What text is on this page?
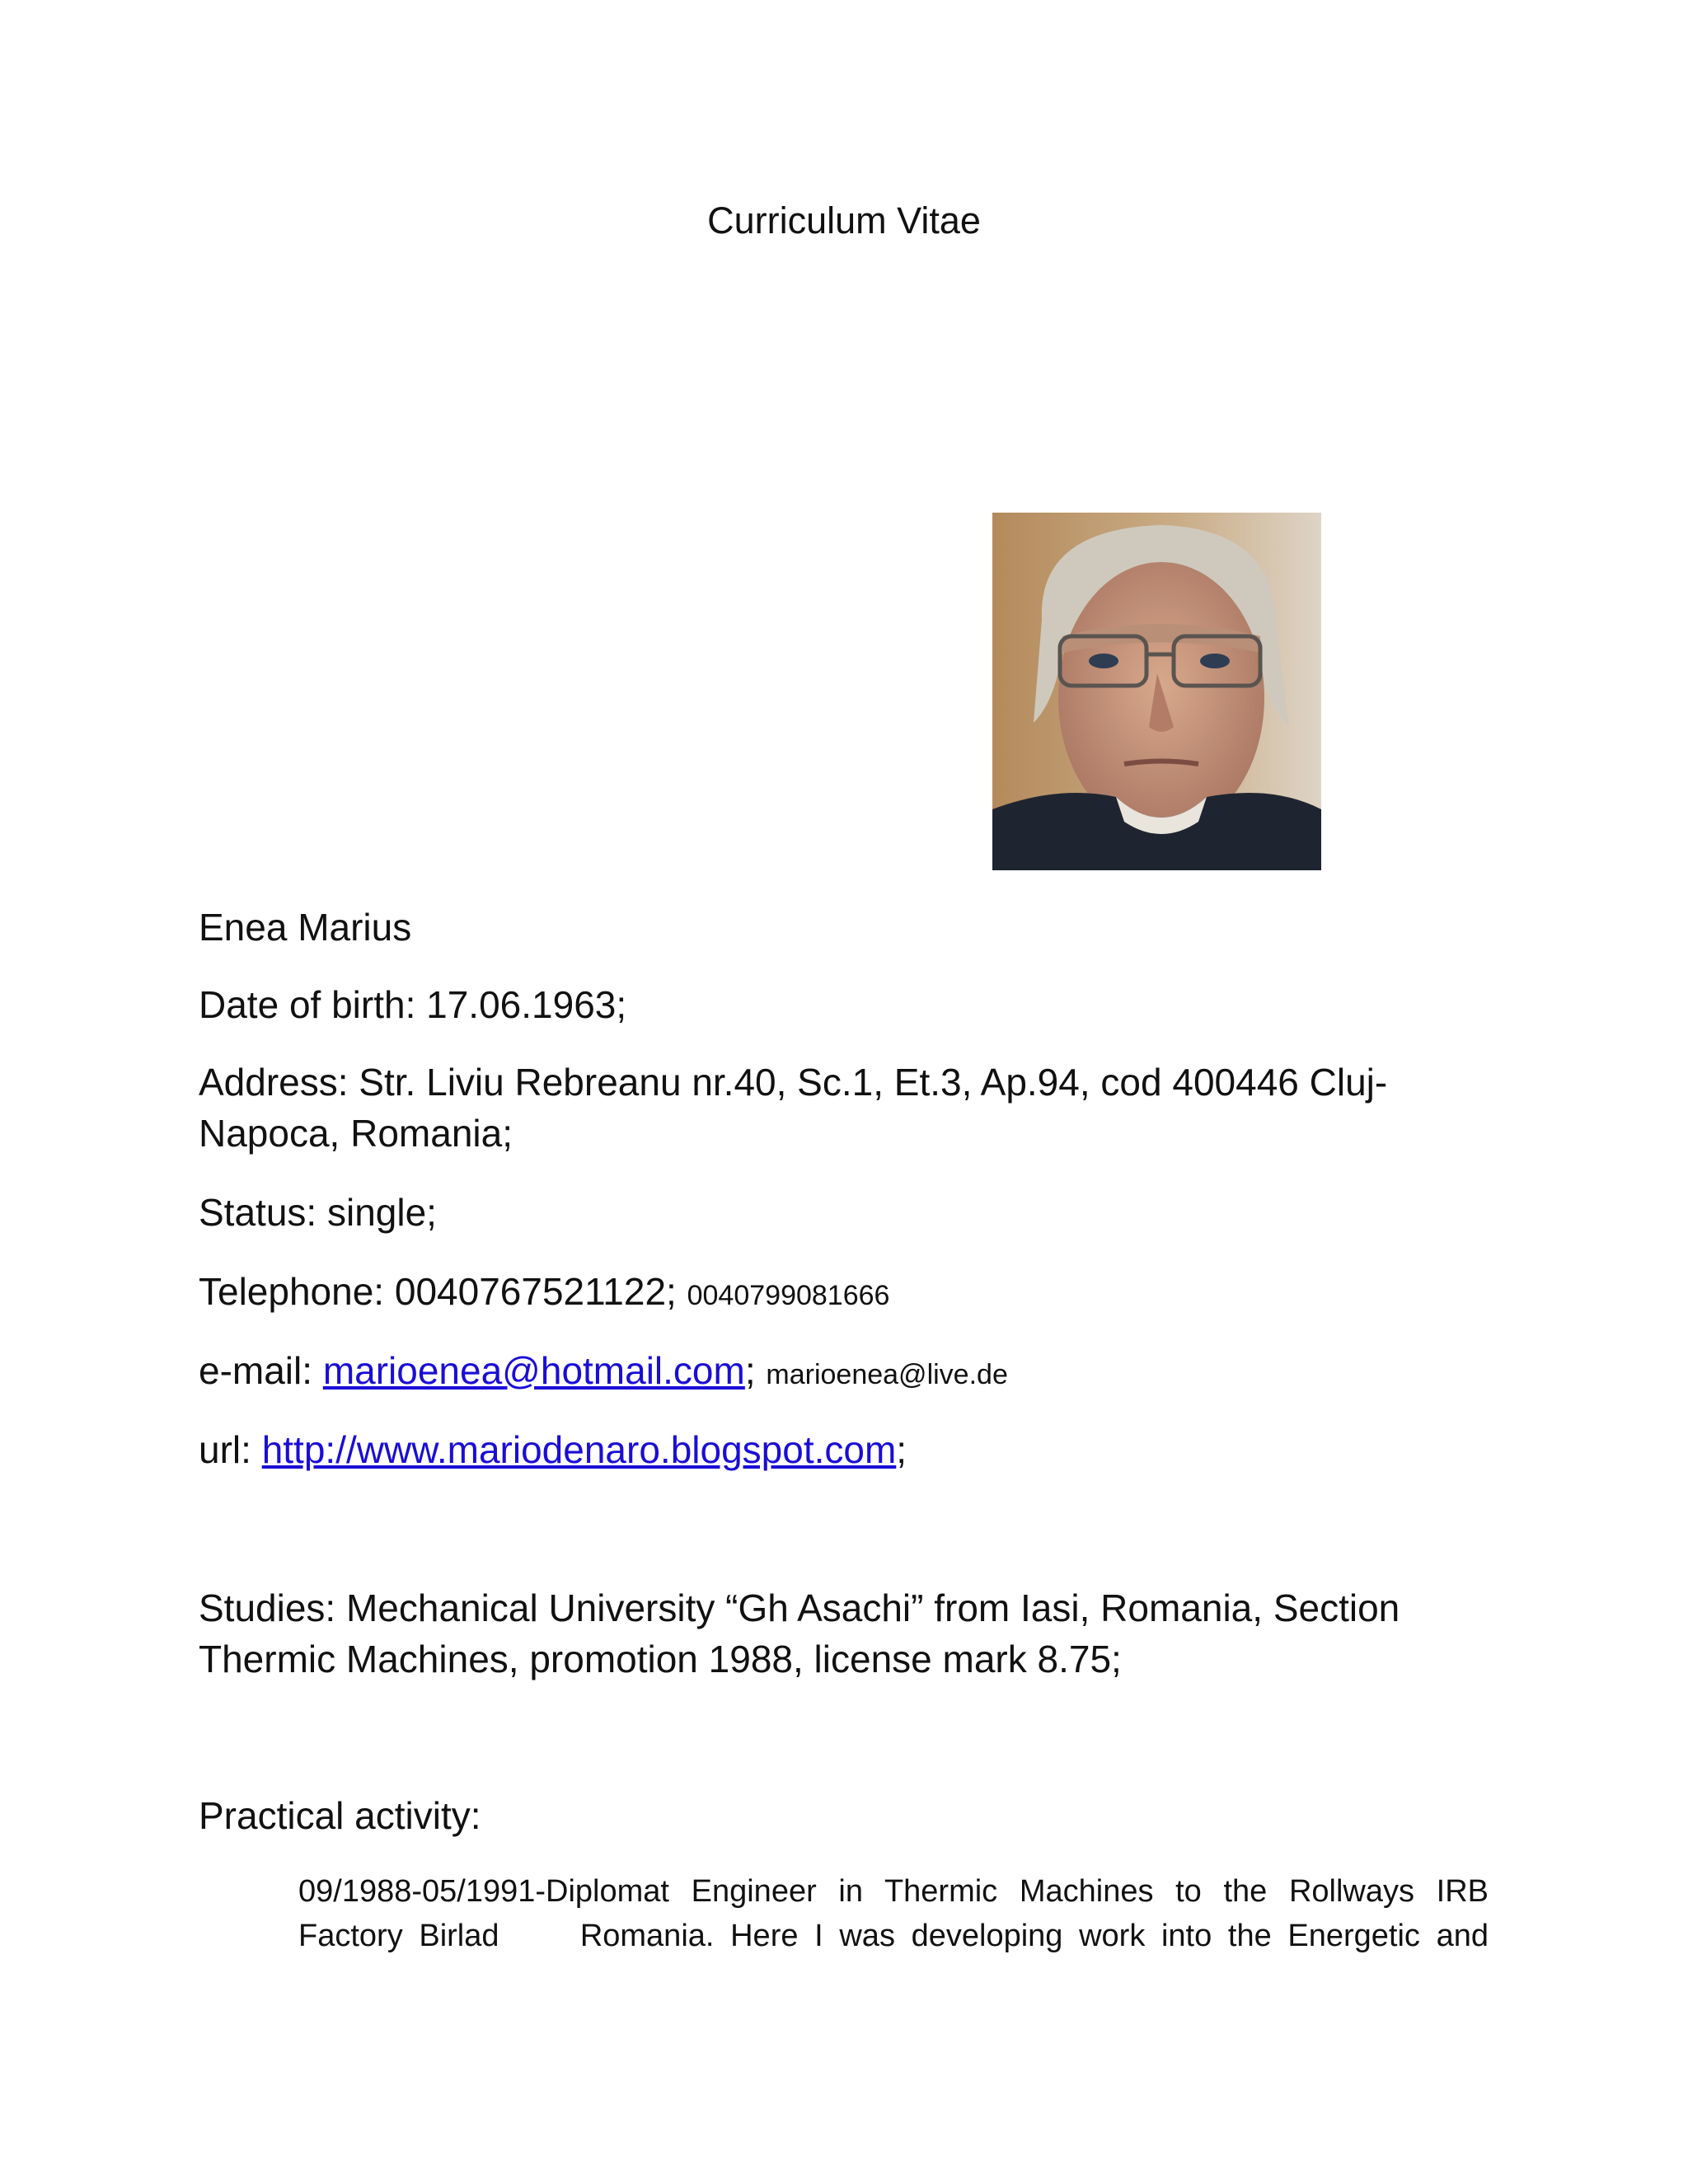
Curriculum Vitae
Enea Marius
Date of birth: 17.06.1963;
Address: Str. Liviu Rebreanu nr.40, Sc.1, Et.3, Ap.94, cod 400446 Cluj-
Napoca, Romania;
Status: single;
Telephone: 0040767521122; 0040799081666
e-mail: marioenea@hotmail.com; marioenea@live.de
url: http://www.mariodenaro.blogspot.com;
Studies: Mechanical University “Gh Asachi” from Iasi, Romania, Section
Thermic Machines, promotion 1988, license mark 8.75;
Practical activity:
09/1988-05/1991-Diplomat Engineer in Thermic Machines to the Rollways IRB
Factory Birlad     Romania. Here I was developing work into the Energetic and
